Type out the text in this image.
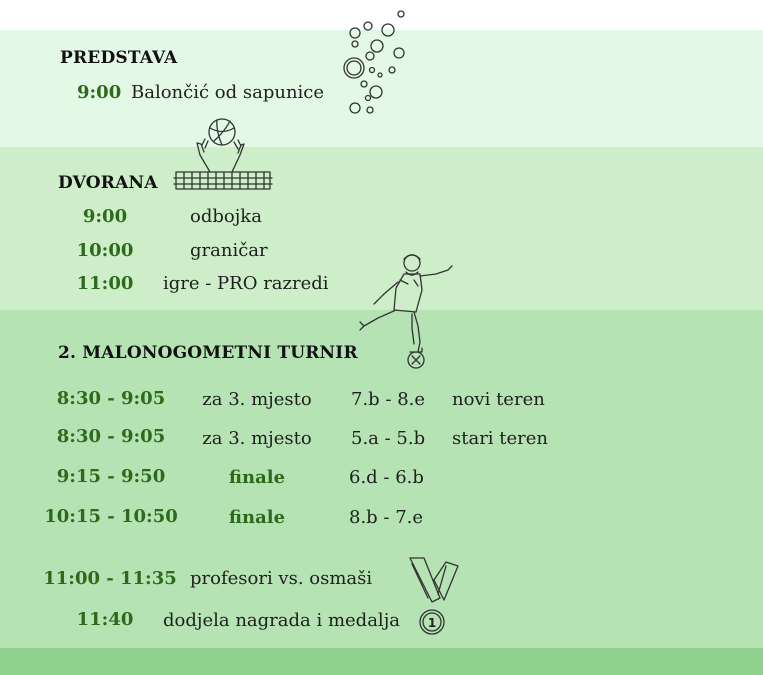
PREDSTAVA
9:00 Balončić od sapunice
DVORANA
9:00	odbojka
10:00	graničar
11:00 igre - PRO razredi
2. MALONOGOMETNI TURNIR
8:30 - 9:05 za 3. mjesto 7.b - 8.e novi teren
8:30 - 9:05 za 3. mjesto 5.a - 5.b stari teren
9:15 - 9:50	finale	6.d - 6.b
10:15 - 10:50	finale	8.b - 7.e
11:00 - 11:35 profesori vs. osmaši
11:40 dodjela nagrada i medalja 1
